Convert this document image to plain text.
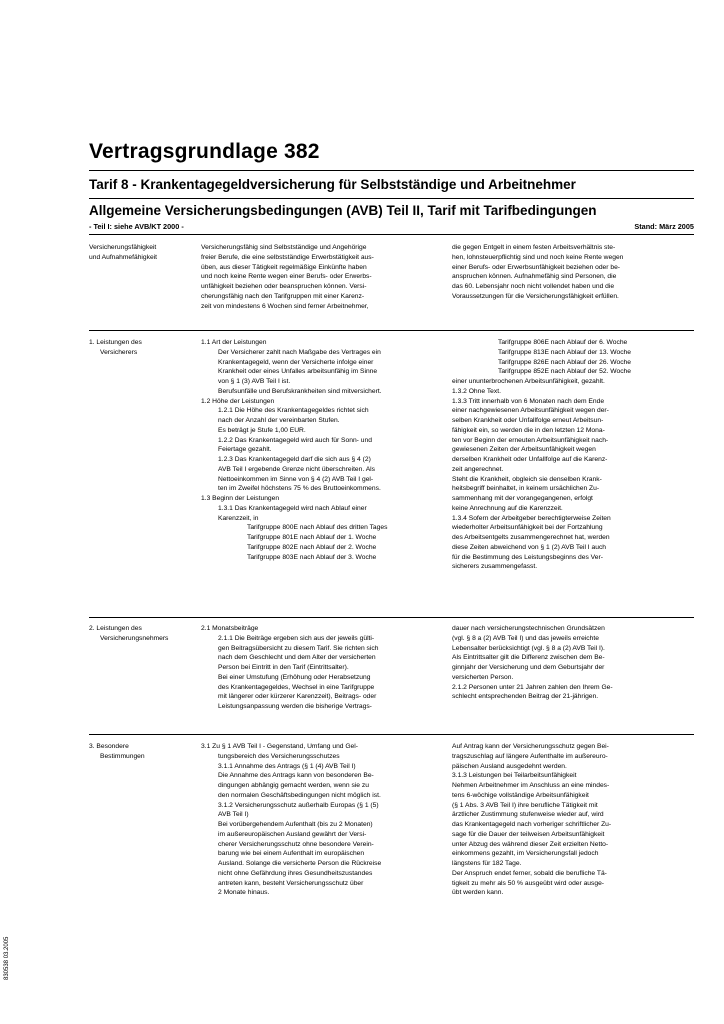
Vertragsgrundlage 382
Tarif 8 - Krankentagegeldversicherung für Selbstständige und Arbeitnehmer
Allgemeine Versicherungsbedingungen (AVB) Teil II, Tarif mit Tarifbedingungen
- Teil I: siehe AVB/KT 2000 -	Stand: März 2005
Versicherungsfähigkeit
und Aufnahmefähigkeit
Versicherungsfähig sind Selbstständige und Angehörige
freier Berufe, die eine selbstständige Erwerbstätigkeit aus-
üben, aus dieser Tätigkeit regelmäßige Einkünfte haben
und noch keine Rente wegen einer Berufs- oder Erwerbs-
unfähigkeit beziehen oder beanspruchen können. Versi-
cherungsfähig nach den Tarifgruppen mit einer Karenz-
zeit von mindestens 6 Wochen sind ferner Arbeitnehmer,
die gegen Entgelt in einem festen Arbeitsverhältnis ste-
hen, lohnsteuerpflichtig sind und noch keine Rente wegen
einer Berufs- oder Erwerbsunfähigkeit beziehen oder be-
anspruchen können. Aufnahmefähig sind Personen, die
das 60. Lebensjahr noch nicht vollendet haben und die
Voraussetzungen für die Versicherungsfähigkeit erfüllen.
1. Leistungen des
Versicherers
1.1 Art der Leistungen
Der Versicherer zahlt nach Maßgabe des Vertrages ein
Krankentagegeld, wenn der Versicherte infolge einer
Krankheit oder eines Unfalles arbeitsunfähig im Sinne
von § 1 (3) AVB Teil I ist.
Berufsunfälle und Berufskrankheiten sind mitversichert.
1.2 Höhe der Leistungen
1.2.1 Die Höhe des Krankentagegeldes richtet sich
nach der Anzahl der vereinbarten Stufen.
Es beträgt je Stufe 1,00 EUR.
1.2.2 Das Krankentagegeld wird auch für Sonn- und
Feiertage gezahlt.
1.2.3 Das Krankentagegeld darf die sich aus § 4 (2)
AVB Teil I ergebende Grenze nicht überschreiten. Als
Nettoeinkommen im Sinne von § 4 (2) AVB Teil I gel-
ten im Zweifel höchstens 75 % des Bruttoeinkommens.
1.3 Beginn der Leistungen
1.3.1 Das Krankentagegeld wird nach Ablauf einer
Karenzzeit, in
Tarifgruppe 800E nach Ablauf des dritten Tages
Tarifgruppe 801E nach Ablauf der 1. Woche
Tarifgruppe 802E nach Ablauf der 2. Woche
Tarifgruppe 803E nach Ablauf der 3. Woche
Tarifgruppe 806E nach Ablauf der 6. Woche
Tarifgruppe 813E nach Ablauf der 13. Woche
Tarifgruppe 826E nach Ablauf der 26. Woche
Tarifgruppe 852E nach Ablauf der 52. Woche
einer ununterbrochenen Arbeitsunfähigkeit, gezahlt.
1.3.2 Ohne Text.
1.3.3 Tritt innerhalb von 6 Monaten nach dem Ende
einer nachgewiesenen Arbeitsunfähigkeit wegen der-
selben Krankheit oder Unfallfolge erneut Arbeitsun-
fähigkeit ein, so werden die in den letzten 12 Mona-
ten vor Beginn der erneuten Arbeitsunfähigkeit nach-
gewiesenen Zeiten der Arbeitsunfähigkeit wegen
derselben Krankheit oder Unfallfolge auf die Karenz-
zeit angerechnet.
Steht die Krankheit, obgleich sie denselben Krank-
heitsbegriff beinhaltet, in keinem ursächlichen Zu-
sammenhang mit der vorangegangenen, erfolgt
keine Anrechnung auf die Karenzzeit.
1.3.4 Sofern der Arbeitgeber berechtigterweise Zeiten
wiederholter Arbeitsunfähigkeit bei der Fortzahlung
des Arbeitsentgelts zusammengerechnet hat, werden
diese Zeiten abweichend von § 1 (2) AVB Teil I auch
für die Bestimmung des Leistungsbeginns des Ver-
sicherers zusammengefasst.
2. Leistungen des
Versicherungsnehmers
2.1 Monatsbeiträge
2.1.1 Die Beiträge ergeben sich aus der jeweils gülti-
gen Beitragsübersicht zu diesem Tarif. Sie richten sich
nach dem Geschlecht und dem Alter der versicherten
Person bei Eintritt in den Tarif (Eintrittsalter).
Bei einer Umstufung (Erhöhung oder Herabsetzung
des Krankentagegeldes, Wechsel in eine Tarifgruppe
mit längerer oder kürzerer Karenzzeit), Beitrags- oder
Leistungsanpassung werden die bisherige Vertrags-
dauer nach versicherungstechnischen Grundsätzen
(vgl. § 8 a (2) AVB Teil I) und das jeweils erreichte
Lebensalter berücksichtigt (vgl. § 8 a (2) AVB Teil I).
Als Eintrittsalter gilt die Differenz zwischen dem Be-
ginnjahr der Versicherung und dem Geburtsjahr der
versicherten Person.
2.1.2 Personen unter 21 Jahren zahlen den Ihrem Ge-
schlecht entsprechenden Beitrag der 21-jährigen.
3. Besondere
Bestimmungen
3.1 Zu § 1 AVB Teil I - Gegenstand, Umfang und Gel-
tungsbereich des Versicherungsschutzes
3.1.1 Annahme des Antrags (§ 1 (4) AVB Teil I)
Die Annahme des Antrags kann von besonderen Be-
dingungen abhängig gemacht werden, wenn sie zu
den normalen Geschäftsbedingungen nicht möglich ist.
3.1.2 Versicherungsschutz außerhalb Europas (§ 1 (5)
AVB Teil I)
Bei vorübergehendem Aufenthalt (bis zu 2 Monaten)
im außereuropäischen Ausland gewährt der Versi-
cherer Versicherungsschutz ohne besondere Verein-
barung wie bei einem Aufenthalt im europäischen
Ausland. Solange die versicherte Person die Rückreise
nicht ohne Gefährdung ihres Gesundheitszustandes
antreten kann, besteht Versicherungsschutz über
2 Monate hinaus.
Auf Antrag kann der Versicherungsschutz gegen Bei-
tragszuschlag auf längere Aufenthalte im außereuro-
päischen Ausland ausgedehnt werden.
3.1.3 Leistungen bei Teilarbeitsunfähigkeit
Nehmen Arbeitnehmer im Anschluss an eine mindes-
tens 6-wöchige vollständige Arbeitsunfähigkeit
(§ 1 Abs. 3 AVB Teil I) ihre berufliche Tätigkeit mit
ärztlicher Zustimmung stufenweise wieder auf, wird
das Krankentagegeld nach vorheriger schriftlicher Zu-
sage für die Dauer der teilweisen Arbeitsunfähigkeit
unter Abzug des während dieser Zeit erzielten Netto-
einkommens gezahlt, im Versicherungsfall jedoch
längstens für 182 Tage.
Der Anspruch endet ferner, sobald die berufliche Tä-
tigkeit zu mehr als 50 % ausgeübt wird oder ausge-
übt werden kann.
830538 03.2005
